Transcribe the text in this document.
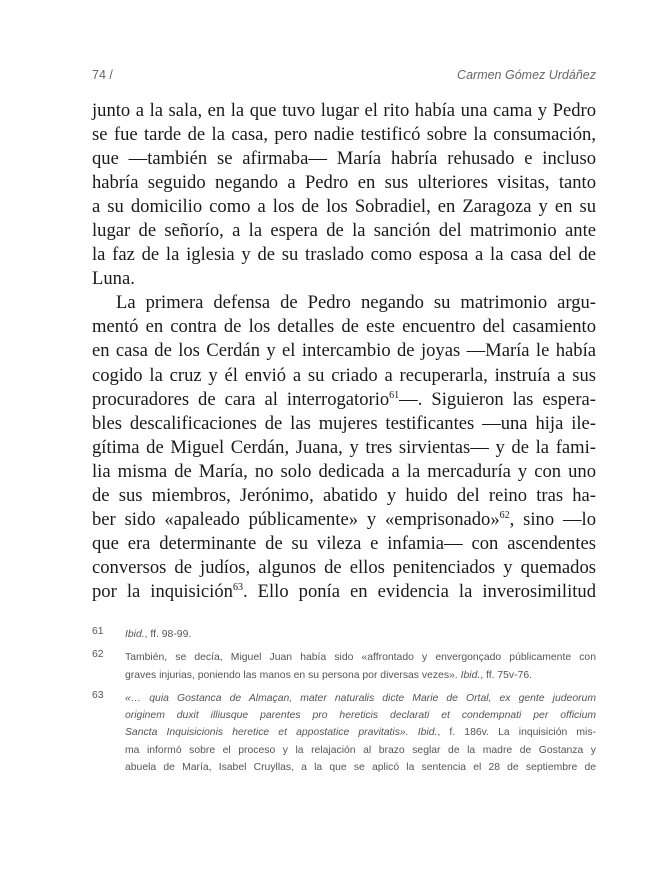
74 /	Carmen Gómez Urdáñez
junto a la sala, en la que tuvo lugar el rito había una cama y Pedro
se fue tarde de la casa, pero nadie testificó sobre la consumación,
que —también se afirmaba— María habría rehusado e incluso
habría seguido negando a Pedro en sus ulteriores visitas, tanto
a su domicilio como a los de los Sobradiel, en Zaragoza y en su
lugar de señorío, a la espera de la sanción del matrimonio ante
la faz de la iglesia y de su traslado como esposa a la casa del de
Luna.
La primera defensa de Pedro negando su matrimonio argu-
mentó en contra de los detalles de este encuentro del casamiento
en casa de los Cerdán y el intercambio de joyas —María le había
cogido la cruz y él envió a su criado a recuperarla, instruía a sus
procuradores de cara al interrogatorio$^{61}$—. Siguieron las espera-
bles descalificaciones de las mujeres testificantes —una hija ile-
gítima de Miguel Cerdán, Juana, y tres sirvientas— y de la fami-
lia misma de María, no solo dedicada a la mercaduría y con uno
de sus miembros, Jerónimo, abatido y huido del reino tras ha-
ber sido «apaleado públicamente» y «emprisonado»$^{62}$, sino —lo
que era determinante de su vileza e infamia— con ascendentes
conversos de judíos, algunos de ellos penitenciados y quemados
por la inquisición$^{63}$. Ello ponía en evidencia la inverosimilitud
61 Ibid., ff. 98-99.
62 También, se decía, Miguel Juan había sido «affrontado y envergonçado públicamente con
graves injurias, poniendo las manos en su persona por diversas vezes». Ibid., ff. 75v-76.
63 «… quia Gostanca de Almaçan, mater naturalis dicte Marie de Ortal, ex gente judeorum
originem duxit illiusque parentes pro hereticis declarati et condempnati per officium
Sancta Inquisicionis heretice et appostatice pravitatis». Ibid., f. 186v. La inquisición mis-
ma informó sobre el proceso y la relajación al brazo seglar de la madre de Gostanza y
abuela de María, Isabel Cruyllas, a la que se aplicó la sentencia el 28 de septiembre de
